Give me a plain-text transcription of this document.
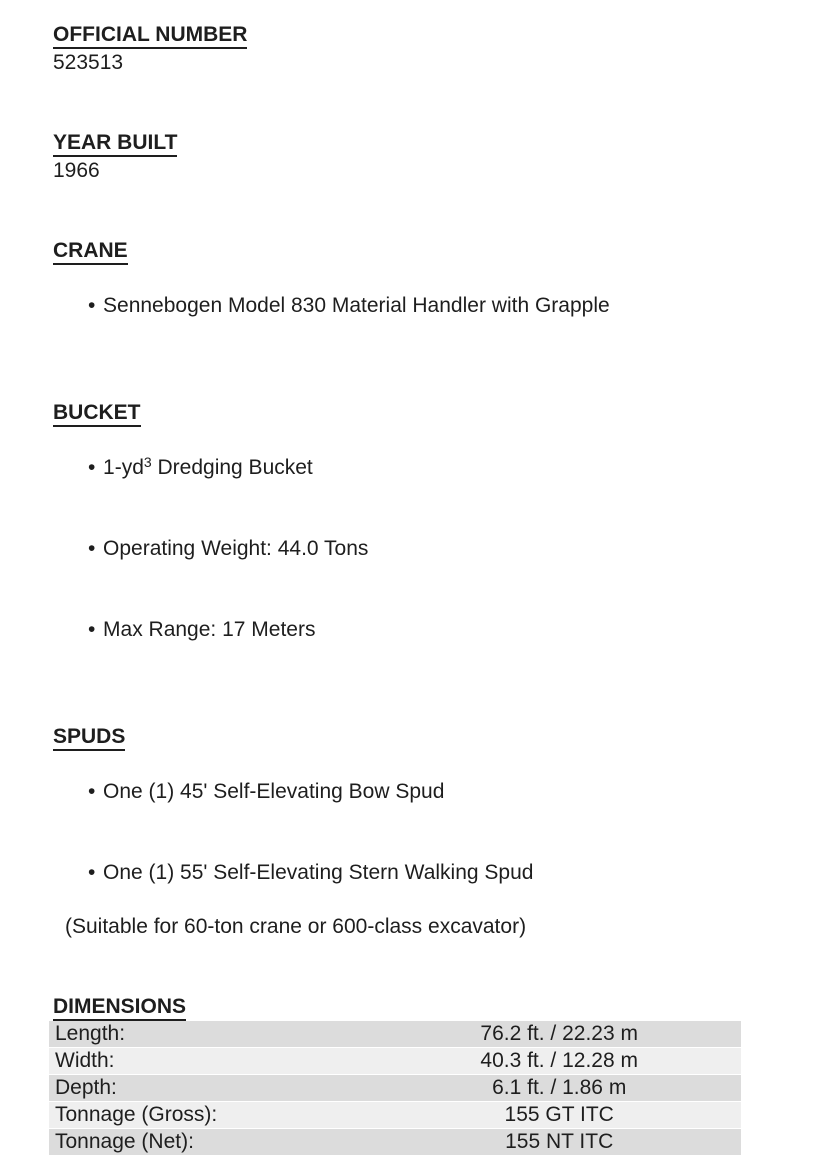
OFFICIAL NUMBER
523513
YEAR BUILT
1966
CRANE

• Sennebogen Model 830 Material Handler with Grapple

BUCKET

• $1-yd^3$ Dredging Bucket

• Operating Weight: 44.0 Tons

• Max Range: 17 Meters

SPUDS

• One (1) 45' Self-Elevating Bow Spud

• One (1) 55' Self-Elevating Stern Walking Spud

(Suitable for 60-ton crane or 600-class excavator)
DIMENSIONS
Length:	76.2 ft. / 22.23 m
Width:	40.3 ft. / 12.28 m
Depth:	6.1 ft. / 1.86 m
Tonnage (Gross):	155 GT ITC
Tonnage (Net):	155 NT ITC
